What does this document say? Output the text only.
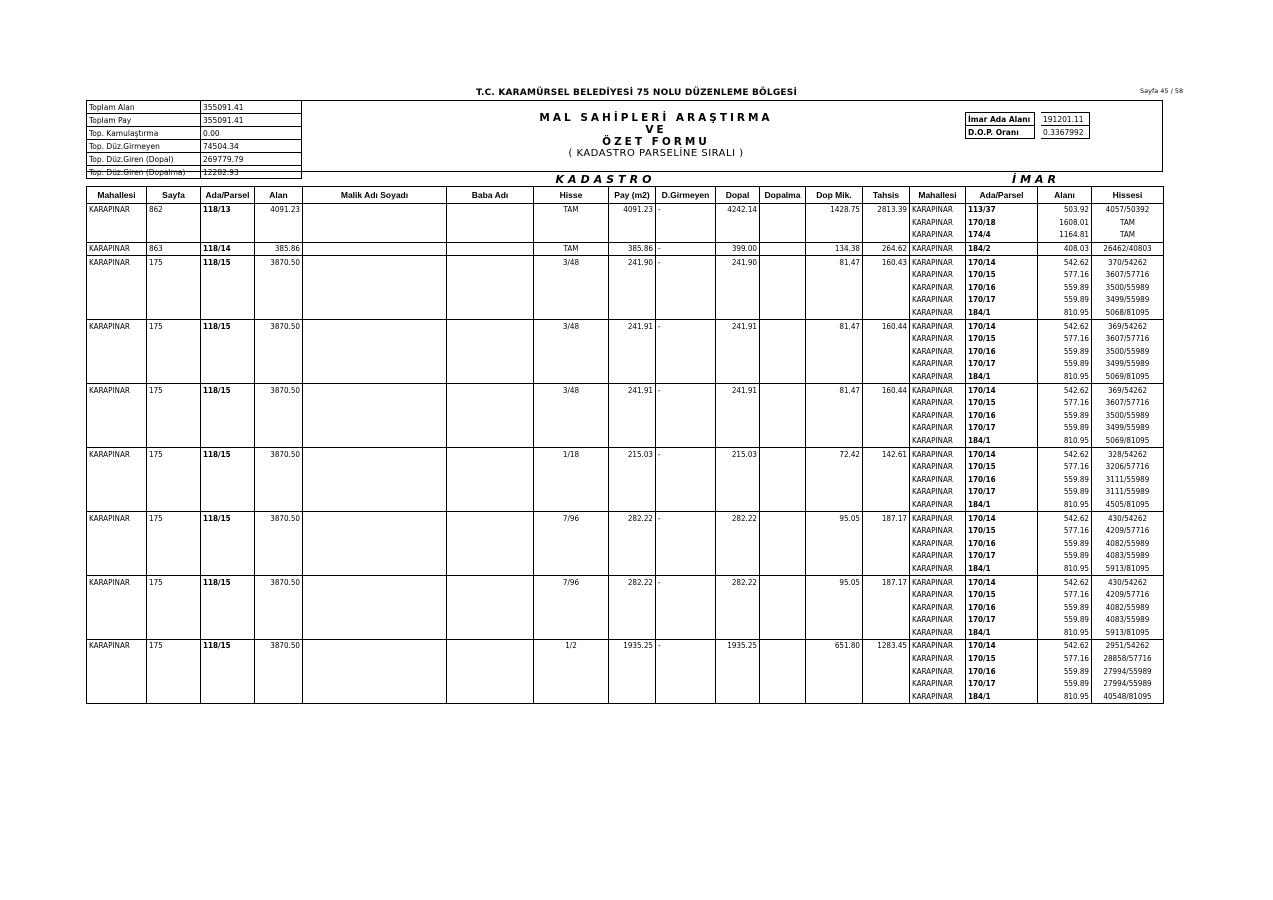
T.C. KARAMÜRSEL BELEDİYESİ 75 NOLU DÜZENLEME BÖLGESİ	Sayfa 45 / 58
Toplam Alan	355091.41
Toplam Pay	355091.41
Top. Kamulaştırma	0.00
Top. Düz.Girmeyen	74504.34
Top. Düz.Giren (Dopal)	269779.79
Top. Düz.Giren (Dopalma)	12282.93
MAL SAHİPLERİ ARAŞTIRMA
VE
ÖZET FORMU
( KADASTRO PARSELİNE SIRALI )
İmar Ada Alanı		191201.11
D.O.P. Oranı		0.3367992
KADASTRO	İMAR
Mahallesi	Sayfa	Ada/Parsel	Alan	Malik Adı Soyadı	Baba Adı	Hisse	Pay (m2)	D.Girmeyen	Dopal	Dopalma	Dop Mik.	Tahsis	Mahallesi	Ada/Parsel	Alanı	Hissesi
KARAPINAR	862	118/13	4091.23			TAM	4091.23	-	4242.14		1428.75	2813.39	KARAPINAR	113/37	503.92	4057/50392
													KARAPINAR	170/18	1608.01	TAM
													KARAPINAR	174/4	1164.81	TAM
KARAPINAR	863	118/14	385.86			TAM	385.86	-	399.00		134.38	264.62	KARAPINAR	184/2	408.03	26462/40803
KARAPINAR	175	118/15	3870.50			3/48	241.90	-	241.90		81.47	160.43	KARAPINAR	170/14	542.62	370/54262
													KARAPINAR	170/15	577.16	3607/57716
													KARAPINAR	170/16	559.89	3500/55989
													KARAPINAR	170/17	559.89	3499/55989
													KARAPINAR	184/1	810.95	5068/81095
KARAPINAR	175	118/15	3870.50			3/48	241.91	-	241.91		81.47	160.44	KARAPINAR	170/14	542.62	369/54262
													KARAPINAR	170/15	577.16	3607/57716
													KARAPINAR	170/16	559.89	3500/55989
													KARAPINAR	170/17	559.89	3499/55989
													KARAPINAR	184/1	810.95	5069/81095
KARAPINAR	175	118/15	3870.50			3/48	241.91	-	241.91		81.47	160.44	KARAPINAR	170/14	542.62	369/54262
													KARAPINAR	170/15	577.16	3607/57716
													KARAPINAR	170/16	559.89	3500/55989
													KARAPINAR	170/17	559.89	3499/55989
													KARAPINAR	184/1	810.95	5069/81095
KARAPINAR	175	118/15	3870.50			1/18	215.03	-	215.03		72.42	142.61	KARAPINAR	170/14	542.62	328/54262
													KARAPINAR	170/15	577.16	3206/57716
													KARAPINAR	170/16	559.89	3111/55989
													KARAPINAR	170/17	559.89	3111/55989
													KARAPINAR	184/1	810.95	4505/81095
KARAPINAR	175	118/15	3870.50			7/96	282.22	-	282.22		95.05	187.17	KARAPINAR	170/14	542.62	430/54262
													KARAPINAR	170/15	577.16	4209/57716
													KARAPINAR	170/16	559.89	4082/55989
													KARAPINAR	170/17	559.89	4083/55989
													KARAPINAR	184/1	810.95	5913/81095
KARAPINAR	175	118/15	3870.50			7/96	282.22	-	282.22		95.05	187.17	KARAPINAR	170/14	542.62	430/54262
													KARAPINAR	170/15	577.16	4209/57716
													KARAPINAR	170/16	559.89	4082/55989
													KARAPINAR	170/17	559.89	4083/55989
													KARAPINAR	184/1	810.95	5913/81095
KARAPINAR	175	118/15	3870.50			1/2	1935.25	-	1935.25		651.80	1283.45	KARAPINAR	170/14	542.62	2951/54262
													KARAPINAR	170/15	577.16	28858/57716
													KARAPINAR	170/16	559.89	27994/55989
													KARAPINAR	170/17	559.89	27994/55989
													KARAPINAR	184/1	810.95	40548/81095
